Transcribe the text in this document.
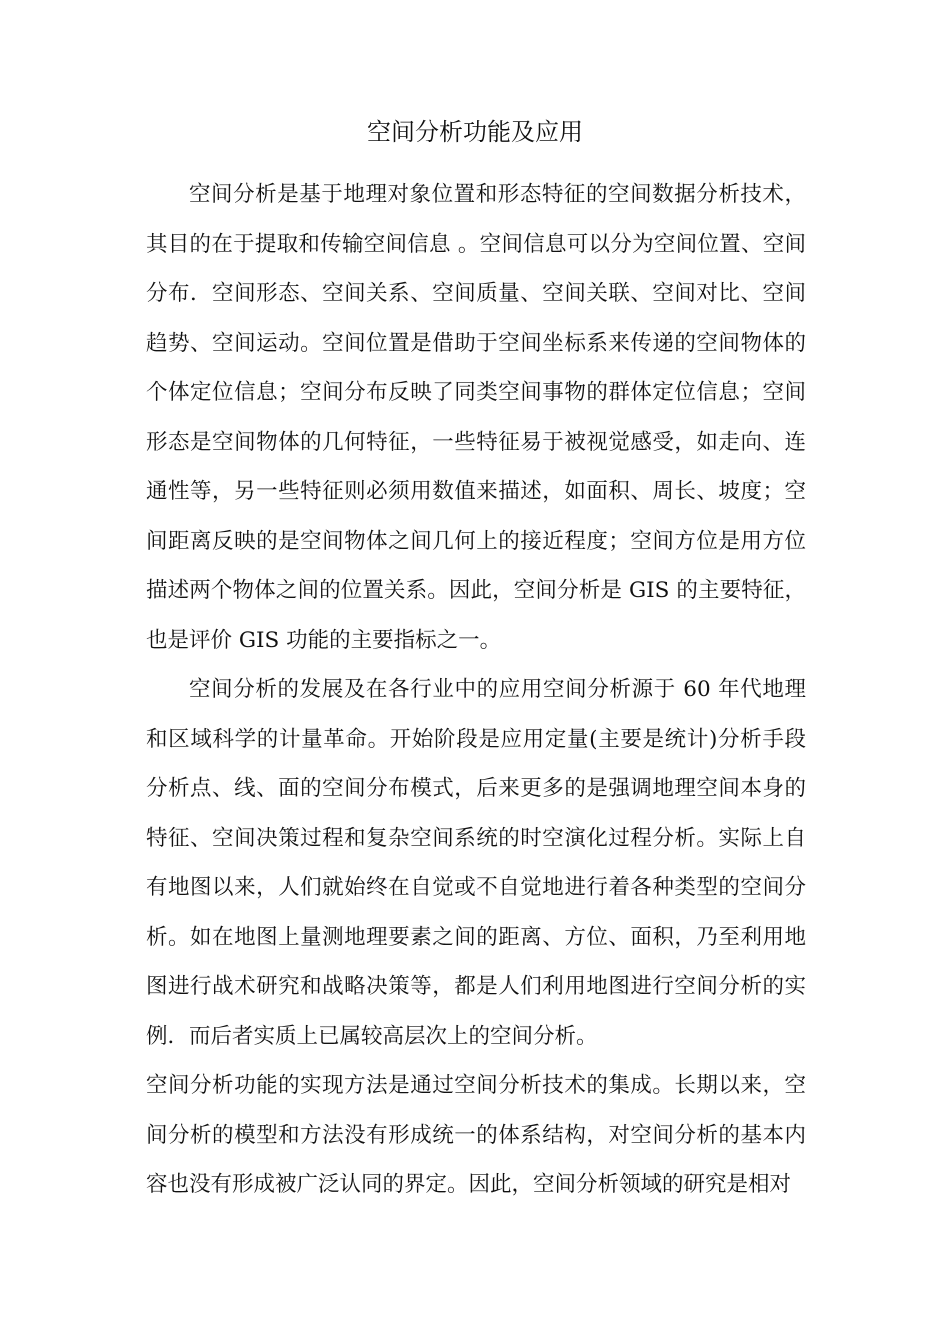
空间分析功能及应用

空间分析是基于地理对象位置和形态特征的空间数据分析技术，其目的在于提取和传输空间信息 。空间信息可以分为空间位置、空间分布．空间形态、空间关系、空间质量、空间关联、空间对比、空间趋势、空间运动。空间位置是借助于空间坐标系来传递的空间物体的个体定位信息；空间分布反映了同类空间事物的群体定位信息；空间形态是空间物体的几何特征，一些特征易于被视觉感受，如走向、连通性等，另一些特征则必须用数值来描述，如面积、周长、坡度；空间距离反映的是空间物体之间几何上的接近程度；空间方位是用方位描述两个物体之间的位置关系。因此，空间分析是 GIS 的主要特征，也是评价 GIS 功能的主要指标之一。

空间分析的发展及在各行业中的应用空间分析源于 60 年代地理和区域科学的计量革命。开始阶段是应用定量(主要是统计)分析手段分析点、线、面的空间分布模式，后来更多的是强调地理空间本身的特征、空间决策过程和复杂空间系统的时空演化过程分析。实际上自有地图以来，人们就始终在自觉或不自觉地进行着各种类型的空间分析。如在地图上量测地理要素之间的距离、方位、面积，乃至利用地图进行战术研究和战略决策等，都是人们利用地图进行空间分析的实例．而后者实质上已属较高层次上的空间分析。

空间分析功能的实现方法是通过空间分析技术的集成。长期以来，空间分析的模型和方法没有形成统一的体系结构，对空间分析的基本内容也没有形成被广泛认同的界定。因此，空间分析领域的研究是相对
